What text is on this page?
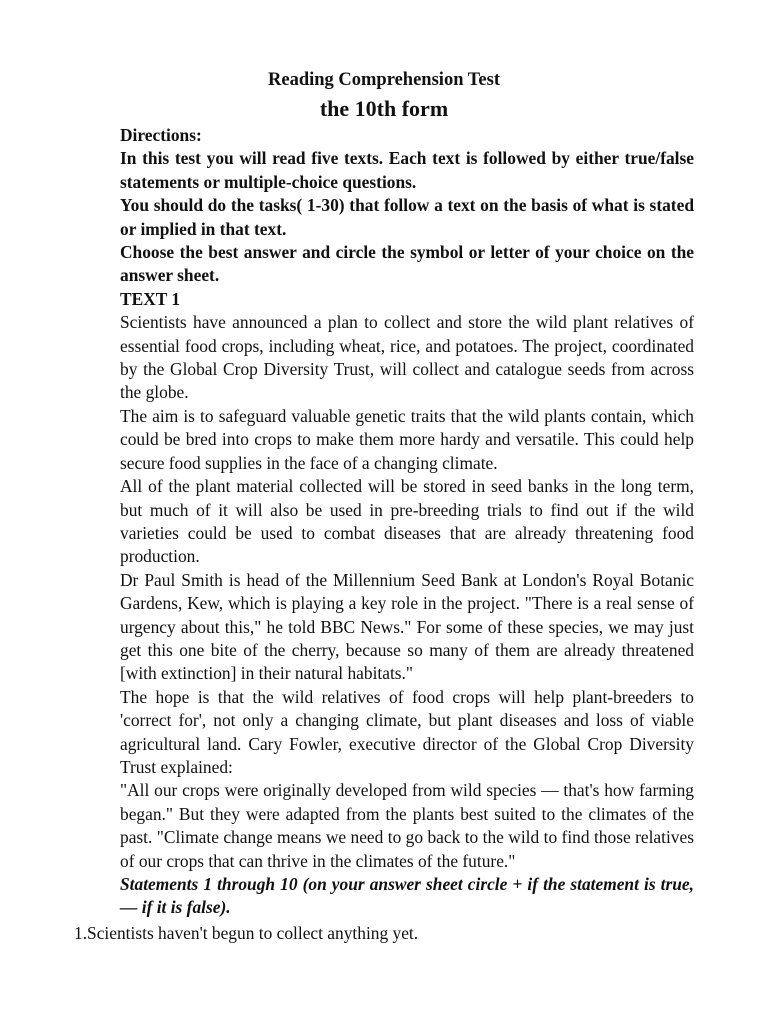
Reading Comprehension Test
the 10th form

Directions:

In this test you will read five texts. Each text is followed by either true/false statements or multiple-choice questions.

You should do the tasks( 1-30) that follow a text on the basis of what is stated or implied in that text.

Choose the best answer and circle the symbol or letter of your choice on the answer sheet.

TEXT 1

Scientists have announced a plan to collect and store the wild plant relatives of essential food crops, including wheat, rice, and potatoes. The project, coordinated by the Global Crop Diversity Trust, will collect and catalogue seeds from across the globe.

The aim is to safeguard valuable genetic traits that the wild plants contain, which could be bred into crops to make them more hardy and versatile. This could help secure food supplies in the face of a changing climate.

All of the plant material collected will be stored in seed banks in the long term, but much of it will also be used in pre-breeding trials to find out if the wild varieties could be used to combat diseases that are already threatening food production.

Dr Paul Smith is head of the Millennium Seed Bank at London's Royal Botanic Gardens, Kew, which is playing a key role in the project. "There is a real sense of urgency about this," he told BBC News." For some of these species, we may just get this one bite of the cherry, because so many of them are already threatened [with extinction] in their natural habitats."

The hope is that the wild relatives of food crops will help plant-breeders to 'correct for', not only a changing climate, but plant diseases and loss of viable agricultural land. Cary Fowler, executive director of the Global Crop Diversity Trust explained:

"All our crops were originally developed from wild species — that's how farming began." But they were adapted from the plants best suited to the climates of the past. "Climate change means we need to go back to the wild to find those relatives of our crops that can thrive in the climates of the future."

Statements 1 through 10 (on your answer sheet circle + if the statement is true, — if it is false).

1.Scientists haven't begun to collect anything yet.
